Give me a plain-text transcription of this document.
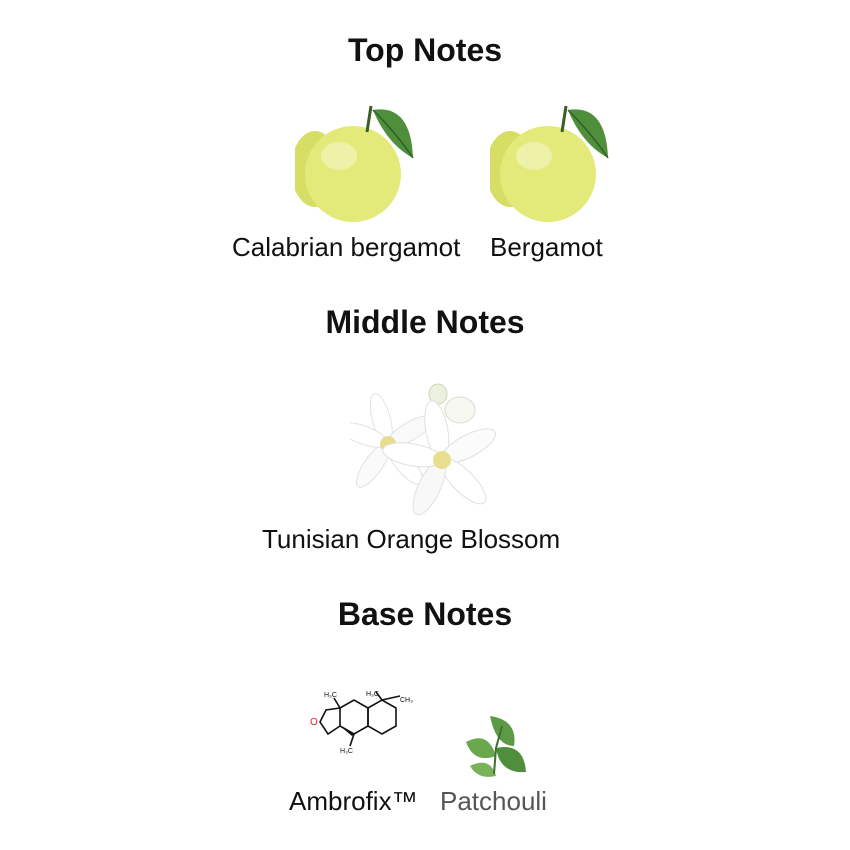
Top Notes
Calabrian bergamot Bergamot
Middle Notes
Tunisian Orange Blossom
Base Notes
O
H₃C
H₃C
H₃C
CH₃
Ambrofix™ Patchouli
